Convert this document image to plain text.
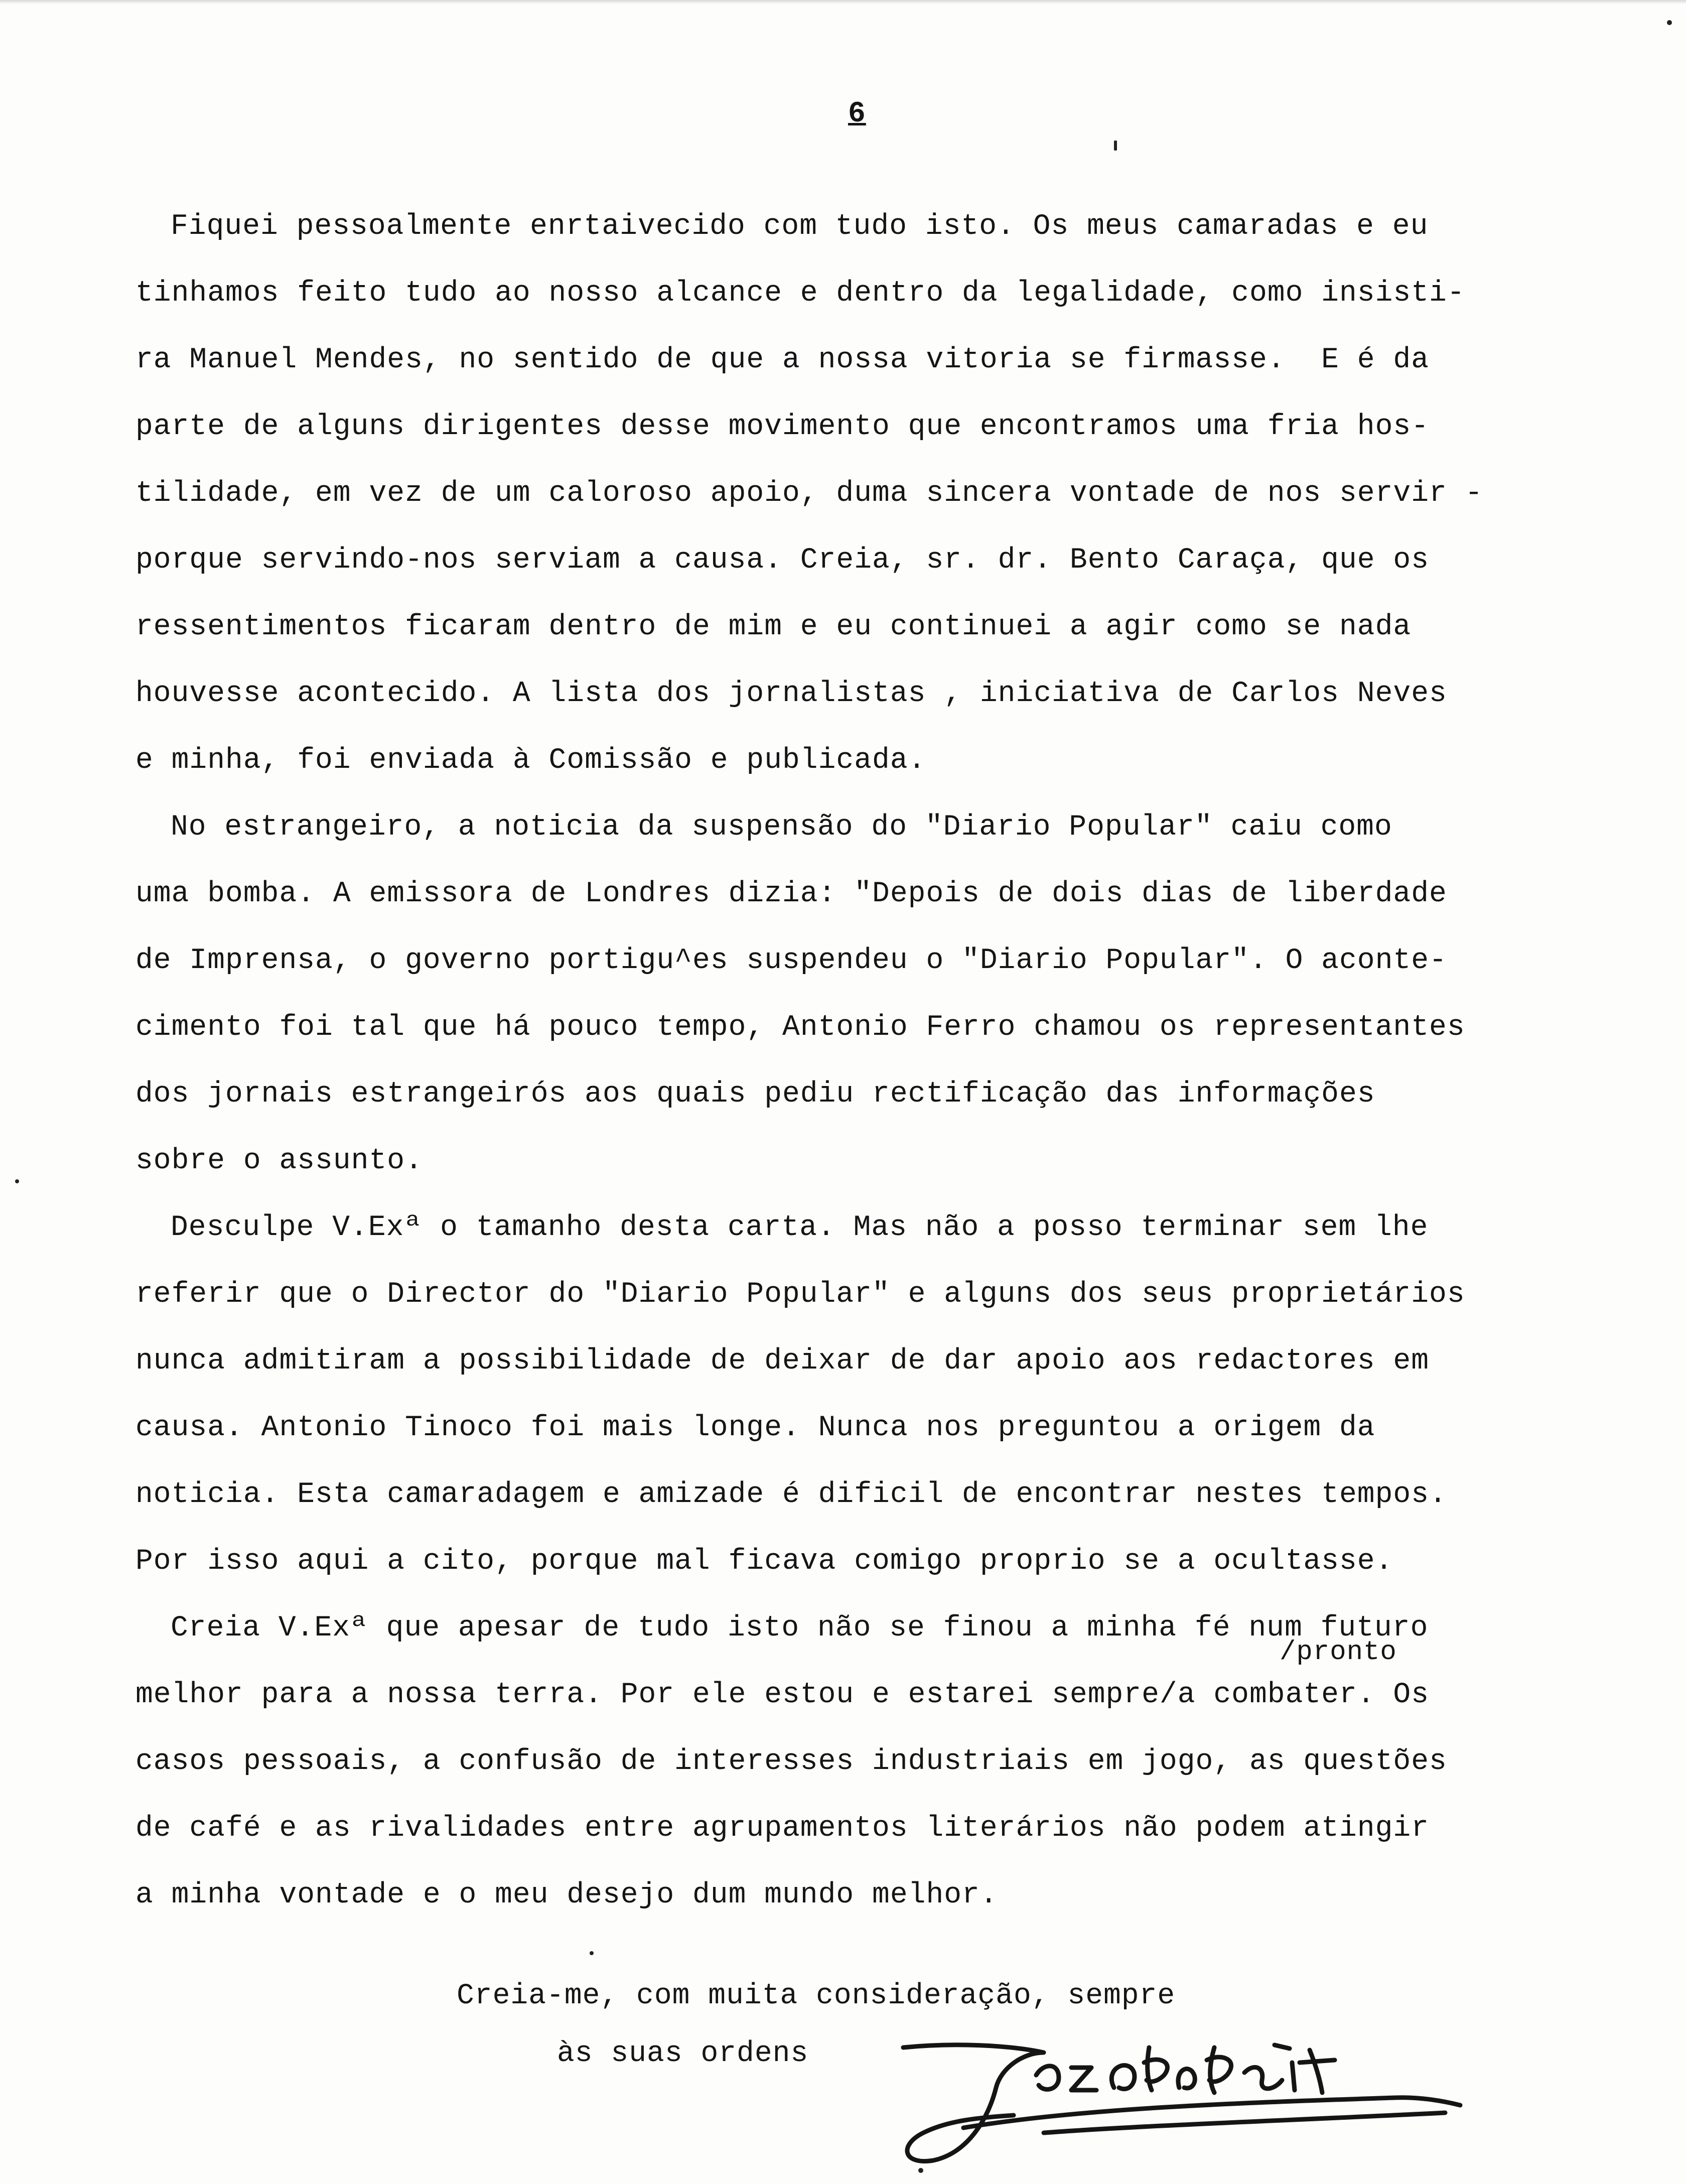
6
Fiquei pessoalmente enrtaivecido com tudo isto. Os meus camaradas e eu
tinhamos feito tudo ao nosso alcance e dentro da legalidade, como insisti-
ra Manuel Mendes, no sentido de que a nossa vitoria se firmasse.  E é da
parte de alguns dirigentes desse movimento que encontramos uma fria hos-
tilidade, em vez de um caloroso apoio, duma sincera vontade de nos servir -
porque servindo-nos serviam a causa. Creia, sr. dr. Bento Caraça, que os
ressentimentos ficaram dentro de mim e eu continuei a agir como se nada
houvesse acontecido. A lista dos jornalistas , iniciativa de Carlos Neves
e minha, foi enviada à Comissão e publicada.
No estrangeiro, a noticia da suspensão do "Diario Popular" caiu como
uma bomba. A emissora de Londres dizia: "Depois de dois dias de liberdade
de Imprensa, o governo portigu^es suspendeu o "Diario Popular". O aconte-
cimento foi tal que há pouco tempo, Antonio Ferro chamou os representantes
dos jornais estrangeirós aos quais pediu rectificação das informações
sobre o assunto.
Desculpe V.Exª o tamanho desta carta. Mas não a posso terminar sem lhe
referir que o Director do "Diario Popular" e alguns dos seus proprietários
nunca admitiram a possibilidade de deixar de dar apoio aos redactores em
causa. Antonio Tinoco foi mais longe. Nunca nos preguntou a origem da
noticia. Esta camaradagem e amizade é dificil de encontrar nestes tempos.
Por isso aqui a cito, porque mal ficava comigo proprio se a ocultasse.
Creia V.Exª que apesar de tudo isto não se finou a minha fé num futuro
melhor para a nossa terra. Por ele estou e estarei sempre/a combater. Os
casos pessoais, a confusão de interesses industriais em jogo, as questões
de café e as rivalidades entre agrupamentos literários não podem atingir
a minha vontade e o meu desejo dum mundo melhor.
/pronto
Creia-me, com muita consideração, sempre
às suas ordens
